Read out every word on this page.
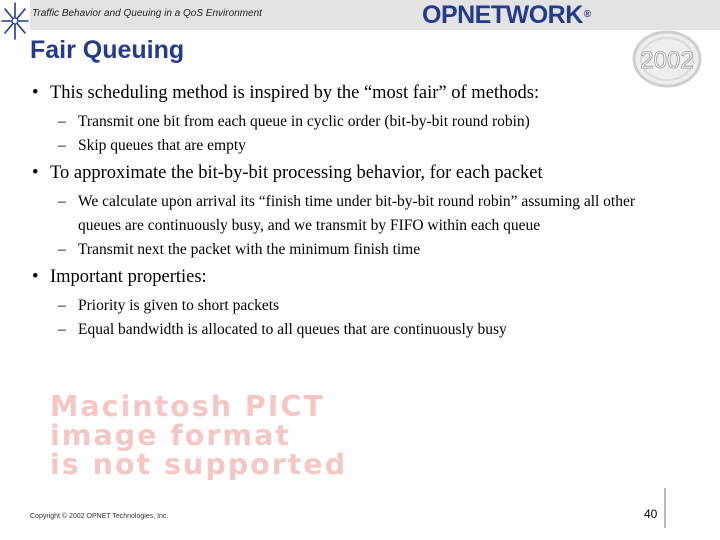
Traffic Behavior and Queuing in a QoS Environment	OPNETWORK®
2002
Fair Queuing
• This scheduling method is inspired by the “most fair” of methods:
– Transmit one bit from each queue in cyclic order (bit-by-bit round robin)
– Skip queues that are empty
• To approximate the bit-by-bit processing behavior, for each packet
– We calculate upon arrival its “finish time under bit-by-bit round robin” assuming all other queues are continuously busy, and we transmit by FIFO within each queue
– Transmit next the packet with the minimum finish time
• Important properties:
– Priority is given to short packets
– Equal bandwidth is allocated to all queues that are continuously busy
Macintosh PICT
image format
is not supported
Copyright © 2002 OPNET Technologies, Inc.	40
